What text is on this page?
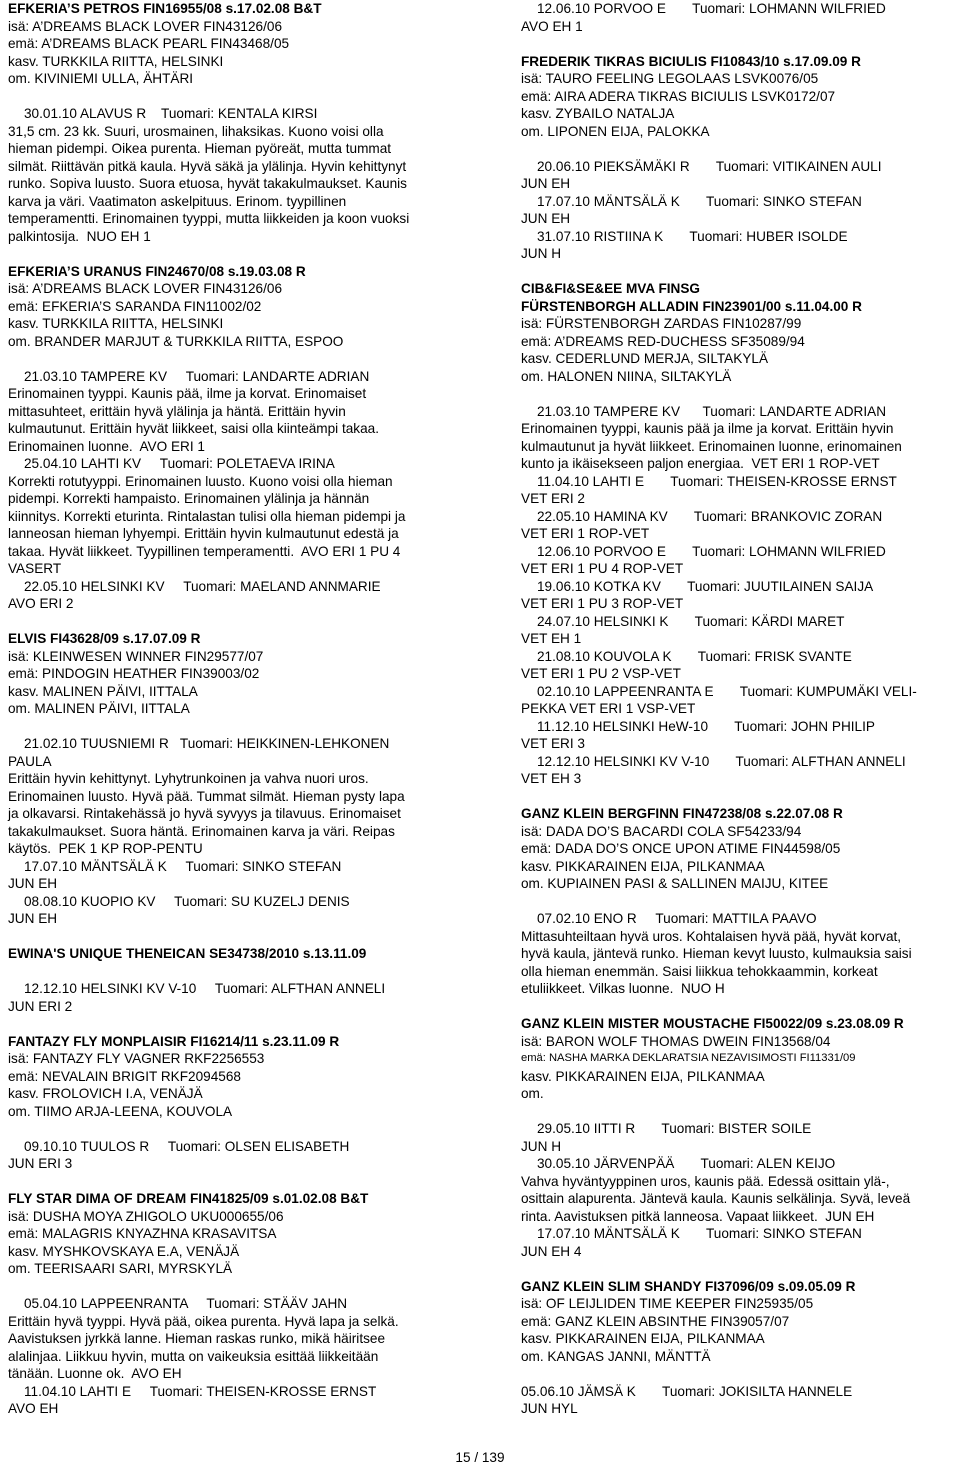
EFKERIA’S PETROS FIN16955/08 s.17.02.08 B&T
isä: A’DREAMS BLACK LOVER FIN43126/06
emä: A’DREAMS BLACK PEARL FIN43468/05
kasv. TURKKILA RIITTA, HELSINKI
om. KIVINIEMI ULLA, ÄHTÄRI
30.01.10 ALAVUS R    Tuomari: KENTALA KIRSI
31,5 cm. 23 kk. Suuri, urosmainen, lihaksikas. Kuono voisi olla
hieman pidempi. Oikea purenta. Hieman pyöreät, mutta tummat
silmät. Riittävän pitkä kaula. Hyvä säkä ja ylälinja. Hyvin kehittynyt
runko. Sopiva luusto. Suora etuosa, hyvät takakulmaukset. Kaunis
karva ja väri. Vaatimaton askelpituus. Erinom. tyypillinen
temperamentti. Erinomainen tyyppi, mutta liikkeiden ja koon vuoksi
palkintosija.  NUO EH 1
EFKERIA’S URANUS FIN24670/08 s.19.03.08 R
isä: A’DREAMS BLACK LOVER FIN43126/06
emä: EFKERIA’S SARANDA FIN11002/02
kasv. TURKKILA RIITTA, HELSINKI
om. BRANDER MARJUT & TURKKILA RIITTA, ESPOO
21.03.10 TAMPERE KV     Tuomari: LANDARTE ADRIAN
Erinomainen tyyppi. Kaunis pää, ilme ja korvat. Erinomaiset
mittasuhteet, erittäin hyvä ylälinja ja häntä. Erittäin hyvin
kulmautunut. Erittäin hyvät liikkeet, saisi olla kiinteämpi takaa.
Erinomainen luonne.  AVO ERI 1
25.04.10 LAHTI KV     Tuomari: POLETAEVA IRINA
Korrekti rotutyyppi. Erinomainen luusto. Kuono voisi olla hieman
pidempi. Korrekti hampaisto. Erinomainen ylälinja ja hännän
kiinnitys. Korrekti eturinta. Rintalastan tulisi olla hieman pidempi ja
lanneosan hieman lyhyempi. Erittäin hyvin kulmautunut edestä ja
takaa. Hyvät liikkeet. Tyypillinen temperamentti.  AVO ERI 1 PU 4
VASERT
22.05.10 HELSINKI KV     Tuomari: MAELAND ANNMARIE
AVO ERI 2
ELVIS FI43628/09 s.17.07.09 R
isä: KLEINWESEN WINNER FIN29577/07
emä: PINDOGIN HEATHER FIN39003/02
kasv. MALINEN PÄIVI, IITTALA
om. MALINEN PÄIVI, IITTALA
21.02.10 TUUSNIEMI R   Tuomari: HEIKKINEN-LEHKONEN
PAULA
Erittäin hyvin kehittynyt. Lyhytrunkoinen ja vahva nuori uros.
Erinomainen luusto. Hyvä pää. Tummat silmät. Hieman pysty lapa
ja olkavarsi. Rintakehässä jo hyvä syvyys ja tilavuus. Erinomaiset
takakulmaukset. Suora häntä. Erinomainen karva ja väri. Reipas
käytös.  PEK 1 KP ROP-PENTU
17.07.10 MÄNTSÄLÄ K     Tuomari: SINKO STEFAN
JUN EH
08.08.10 KUOPIO KV     Tuomari: SU KUZELJ DENIS
JUN EH
EWINA'S UNIQUE THENEICAN SE34738/2010 s.13.11.09
12.12.10 HELSINKI KV V-10     Tuomari: ALFTHAN ANNELI
JUN ERI 2
FANTAZY FLY MONPLAISIR FI16214/11 s.23.11.09 R
isä: FANTAZY FLY VAGNER RKF2256553
emä: NEVALAIN BRIGIT RKF2094568
kasv. FROLOVICH I.A, VENÄJÄ
om. TIIMO ARJA-LEENA, KOUVOLA
09.10.10 TUULOS R     Tuomari: OLSEN ELISABETH
JUN ERI 3
FLY STAR DIMA OF DREAM FIN41825/09 s.01.02.08 B&T
isä: DUSHA MOYA ZHIGOLO UKU000655/06
emä: MALAGRIS KNYAZHNA KRASAVITSA
kasv. MYSHKOVSKAYA E.A, VENÄJÄ
om. TEERISAARI SARI, MYRSKYLÄ
05.04.10 LAPPEENRANTA     Tuomari: STÄÄV JAHN
Erittäin hyvä tyyppi. Hyvä pää, oikea purenta. Hyvä lapa ja selkä.
Aavistuksen jyrkkä lanne. Hieman raskas runko, mikä häiritsee
alalinjaa. Liikkuu hyvin, mutta on vaikeuksia esittää liikkeitään
tänään. Luonne ok.  AVO EH
11.04.10 LAHTI E     Tuomari: THEISEN-KROSSE ERNST
AVO EH
12.06.10 PORVOO E       Tuomari: LOHMANN WILFRIED
AVO EH 1
FREDERIK TIKRAS BICIULIS FI10843/10 s.17.09.09 R
isä: TAURO FEELING LEGOLAAS LSVK0076/05
emä: AIRA ADERA TIKRAS BICIULIS LSVK0172/07
kasv. ZYBAILO NATALJA
om. LIPONEN EIJA, PALOKKA
20.06.10 PIEKSÄMÄKI R       Tuomari: VITIKAINEN AULI
JUN EH
17.07.10 MÄNTSÄLÄ K       Tuomari: SINKO STEFAN
JUN EH
31.07.10 RISTIINA K       Tuomari: HUBER ISOLDE
JUN H
CIB&FI&SE&EE MVA FINSG
FÜRSTENBORGH ALLADIN FIN23901/00 s.11.04.00 R
isä: FÜRSTENBORGH ZARDAS FIN10287/99
emä: A’DREAMS RED-DUCHESS SF35089/94
kasv. CEDERLUND MERJA, SILTAKYLÄ
om. HALONEN NIINA, SILTAKYLÄ
21.03.10 TAMPERE KV      Tuomari: LANDARTE ADRIAN
Erinomainen tyyppi, kaunis pää ja ilme ja korvat. Erittäin hyvin
kulmautunut ja hyvät liikkeet. Erinomainen luonne, erinomainen
kunto ja ikäisekseen paljon energiaa.  VET ERI 1 ROP-VET
11.04.10 LAHTI E       Tuomari: THEISEN-KROSSE ERNST
VET ERI 2
22.05.10 HAMINA KV       Tuomari: BRANKOVIC ZORAN
VET ERI 1 ROP-VET
12.06.10 PORVOO E       Tuomari: LOHMANN WILFRIED
VET ERI 1 PU 4 ROP-VET
19.06.10 KOTKA KV       Tuomari: JUUTILAINEN SAIJA
VET ERI 1 PU 3 ROP-VET
24.07.10 HELSINKI K       Tuomari: KÄRDI MARET
VET EH 1
21.08.10 KOUVOLA K       Tuomari: FRISK SVANTE
VET ERI 1 PU 2 VSP-VET
02.10.10 LAPPEENRANTA E       Tuomari: KUMPUMÄKI VELI-
PEKKA VET ERI 1 VSP-VET
11.12.10 HELSINKI HeW-10       Tuomari: JOHN PHILIP
VET ERI 3
12.12.10 HELSINKI KV V-10       Tuomari: ALFTHAN ANNELI
VET EH 3
GANZ KLEIN BERGFINN FIN47238/08 s.22.07.08 R
isä: DADA DO’S BACARDI COLA SF54233/94
emä: DADA DO’S ONCE UPON ATIME FIN44598/05
kasv. PIKKARAINEN EIJA, PILKANMAA
om. KUPIAINEN PASI & SALLINEN MAIJU, KITEE
07.02.10 ENO R     Tuomari: MATTILA PAAVO
Mittasuhteiltaan hyvä uros. Kohtalaisen hyvä pää, hyvät korvat,
hyvä kaula, jäntevä runko. Hieman kevyt luusto, kulmauksia saisi
olla hieman enemmän. Saisi liikkua tehokkaammin, korkeat
etuliikkeet. Vilkas luonne.  NUO H
GANZ KLEIN MISTER MOUSTACHE FI50022/09 s.23.08.09 R
isä: BARON WOLF THOMAS DWEIN FIN13568/04
emä: NASHA MARKA DEKLARATSIA NEZAVISIMOSTI FI11331/09
kasv. PIKKARAINEN EIJA, PILKANMAA
om.
29.05.10 IITTI R       Tuomari: BISTER SOILE
JUN H
30.05.10 JÄRVENPÄÄ       Tuomari: ALEN KEIJO
Vahva hyväntyyppinen uros, kaunis pää. Edessä osittain ylä-,
osittain alapurenta. Jäntevä kaula. Kaunis selkälinja. Syvä, leveä
rinta. Aavistuksen pitkä lanneosa. Vapaat liikkeet.  JUN EH
17.07.10 MÄNTSÄLÄ K       Tuomari: SINKO STEFAN
JUN EH 4
GANZ KLEIN SLIM SHANDY FI37096/09 s.09.05.09 R
isä: OF LEIJLIDEN TIME KEEPER FIN25935/05
emä: GANZ KLEIN ABSINTHE FIN39057/07
kasv. PIKKARAINEN EIJA, PILKANMAA
om. KANGAS JANNI, MÄNTTÄ
05.06.10 JÄMSÄ K       Tuomari: JOKISILTA HANNELE
JUN HYL
15 / 139
